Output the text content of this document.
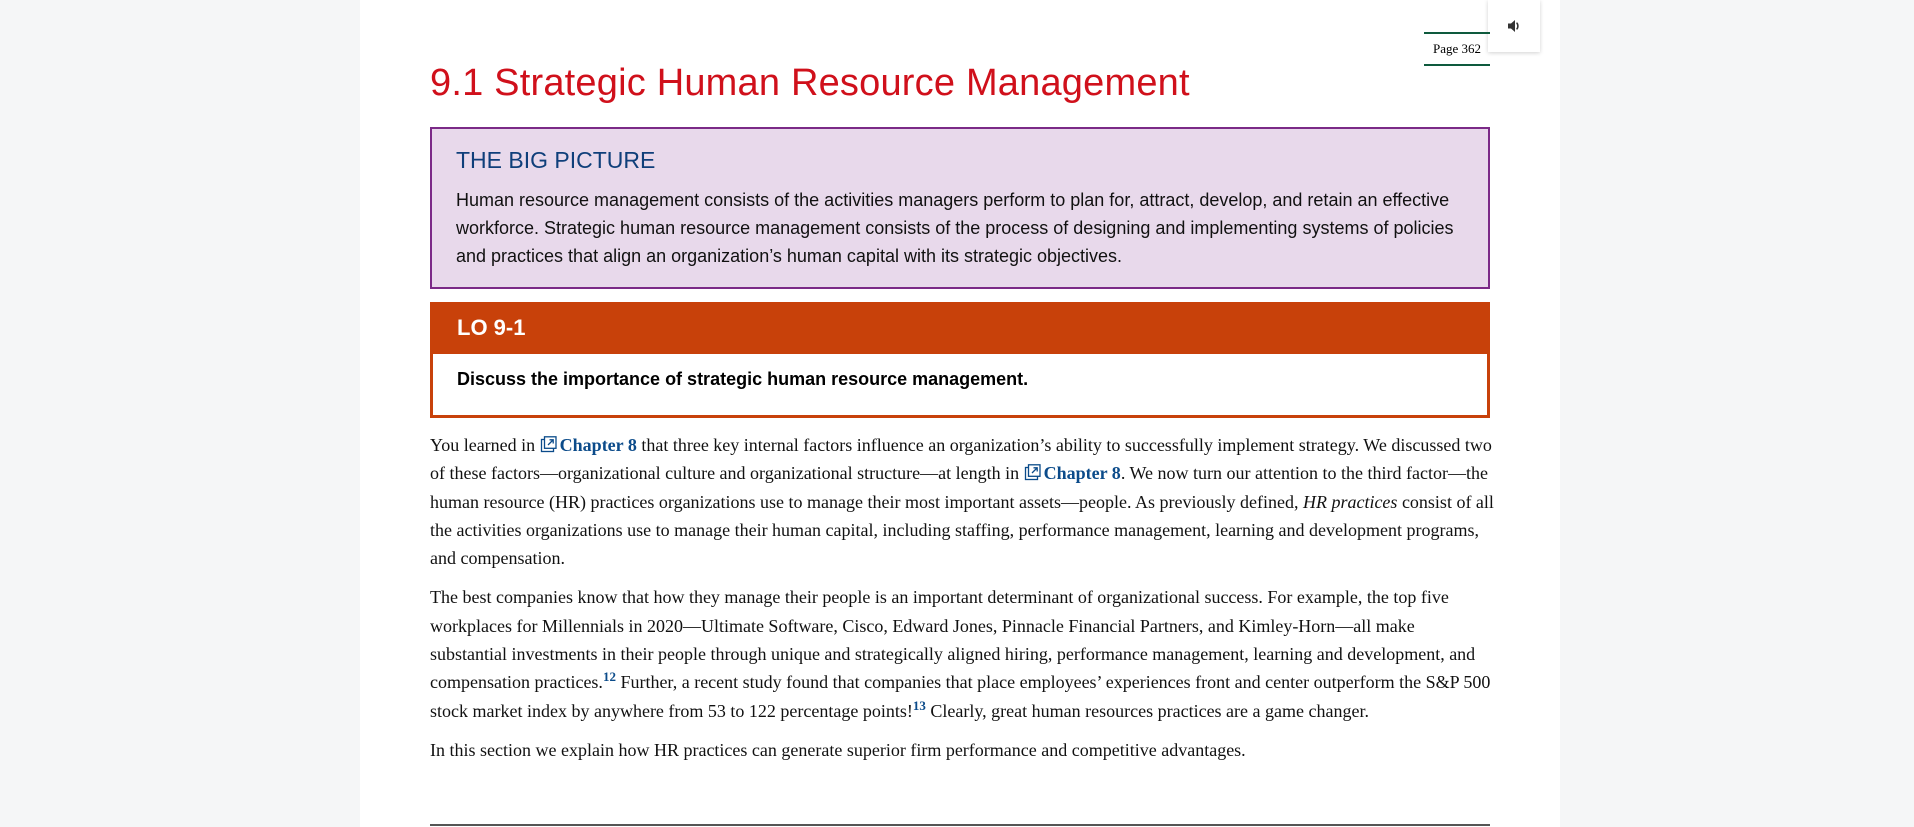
Page 362
9.1 Strategic Human Resource Management
THE BIG PICTURE

Human resource management consists of the activities managers perform to plan for, attract, develop, and retain an effective workforce. Strategic human resource management consists of the process of designing and implementing systems of policies and practices that align an organization’s human capital with its strategic objectives.

LO 9-1
Discuss the importance of strategic human resource management.

You learned in Chapter 8 that three key internal factors influence an organization’s ability to successfully implement strategy. We discussed two of these factors—organizational culture and organizational structure—at length in Chapter 8. We now turn our attention to the third factor—the human resource (HR) practices organizations use to manage their most important assets—people. As previously defined, HR practices consist of all the activities organizations use to manage their human capital, including staffing, performance management, learning and development programs, and compensation.

The best companies know that how they manage their people is an important determinant of organizational success. For example, the top five workplaces for Millennials in 2020—Ultimate Software, Cisco, Edward Jones, Pinnacle Financial Partners, and Kimley-Horn—all make substantial investments in their people through unique and strategically aligned hiring, performance management, learning and development, and compensation practices.$^{12}$ Further, a recent study found that companies that place employees’ experiences front and center outperform the S&P 500 stock market index by anywhere from 53 to 122 percentage points!$^{13}$ Clearly, great human resources practices are a game changer.

In this section we explain how HR practices can generate superior firm performance and competitive advantages.
